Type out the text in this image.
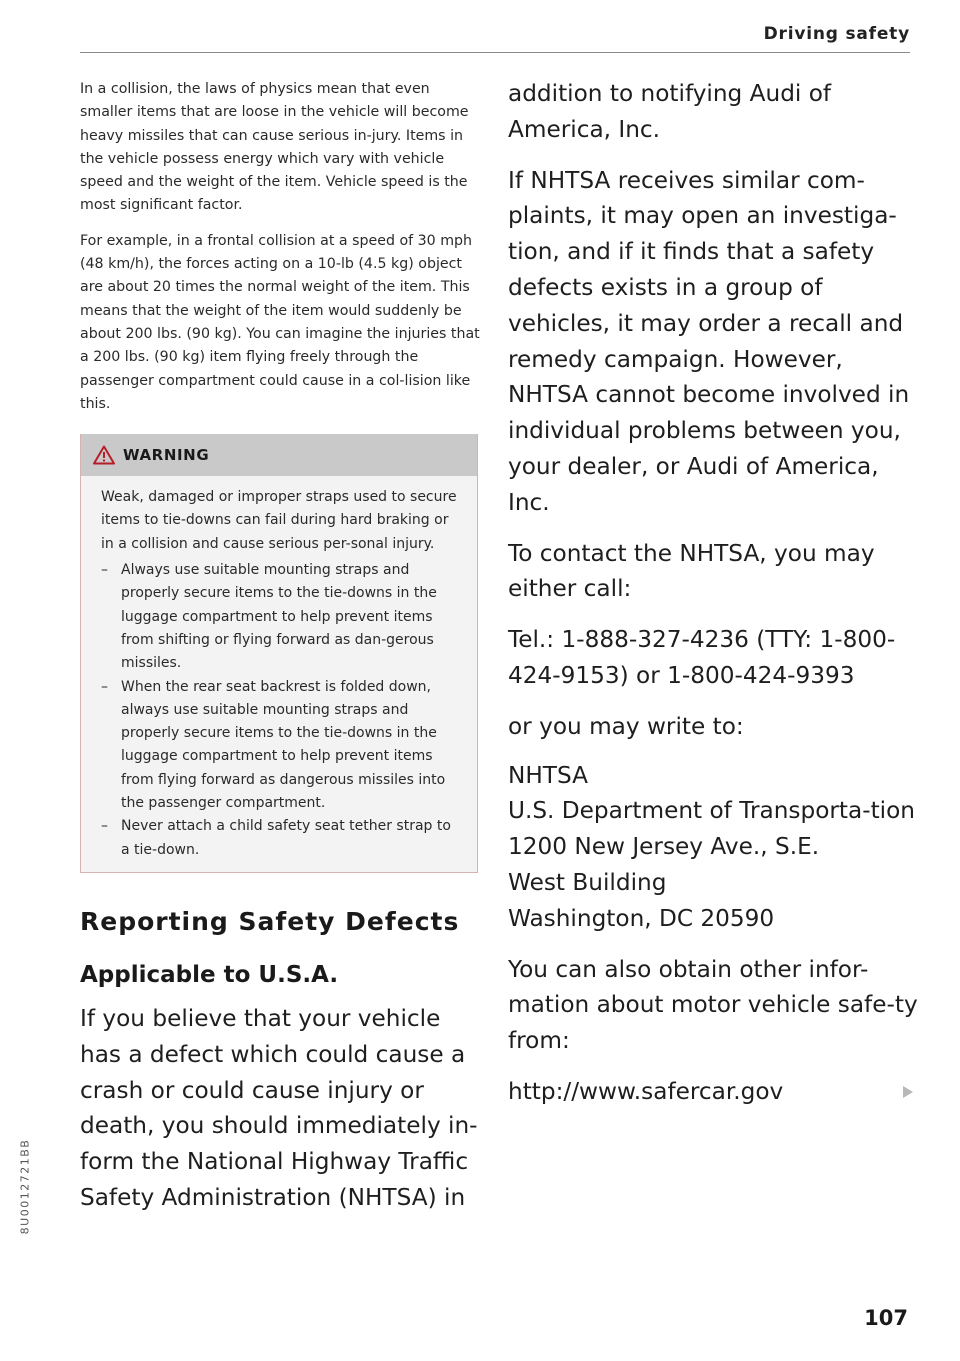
Driving safety

In a collision, the laws of physics mean that even smaller items that are loose in the vehicle will become heavy missiles that can cause serious in-jury. Items in the vehicle possess energy which vary with vehicle speed and the weight of the item. Vehicle speed is the most significant factor.

For example, in a frontal collision at a speed of 30 mph (48 km/h), the forces acting on a 10-lb (4.5 kg) object are about 20 times the normal weight of the item. This means that the weight of the item would suddenly be about 200 lbs. (90 kg). You can imagine the injuries that a 200 lbs. (90 kg) item flying freely through the passenger compartment could cause in a col-lision like this.

WARNING

Weak, damaged or improper straps used to secure items to tie-downs can fail during hard braking or in a collision and cause serious per-sonal injury.

– Always use suitable mounting straps and properly secure items to the tie-downs in the luggage compartment to help prevent items from shifting or flying forward as dan-gerous missiles.
– When the rear seat backrest is folded down, always use suitable mounting straps and properly secure items to the tie-downs in the luggage compartment to help prevent items from flying forward as dangerous missiles into the passenger compartment.
– Never attach a child safety seat tether strap to a tie-down.
Reporting Safety Defects
Applicable to U.S.A.

If you believe that your vehicle has a defect which could cause a crash or could cause injury or death, you should immediately in-form the National Highway Traffic Safety Administration (NHTSA) in

addition to notifying Audi of America, Inc.

If NHTSA receives similar com-plaints, it may open an investiga-tion, and if it finds that a safety defects exists in a group of vehicles, it may order a recall and remedy campaign. However, NHTSA cannot become involved in individual problems between you, your dealer, or Audi of America, Inc.

To contact the NHTSA, you may either call:

Tel.: 1-888-327-4236 (TTY: 1-800-424-9153) or 1-800-424-9393

or you may write to:

NHTSA
U.S. Department of Transporta-tion
1200 New Jersey Ave., S.E.
West Building
Washington, DC 20590

You can also obtain other infor-mation about motor vehicle safe-ty from:

http://www.safercar.gov
8U0012721BB
107
